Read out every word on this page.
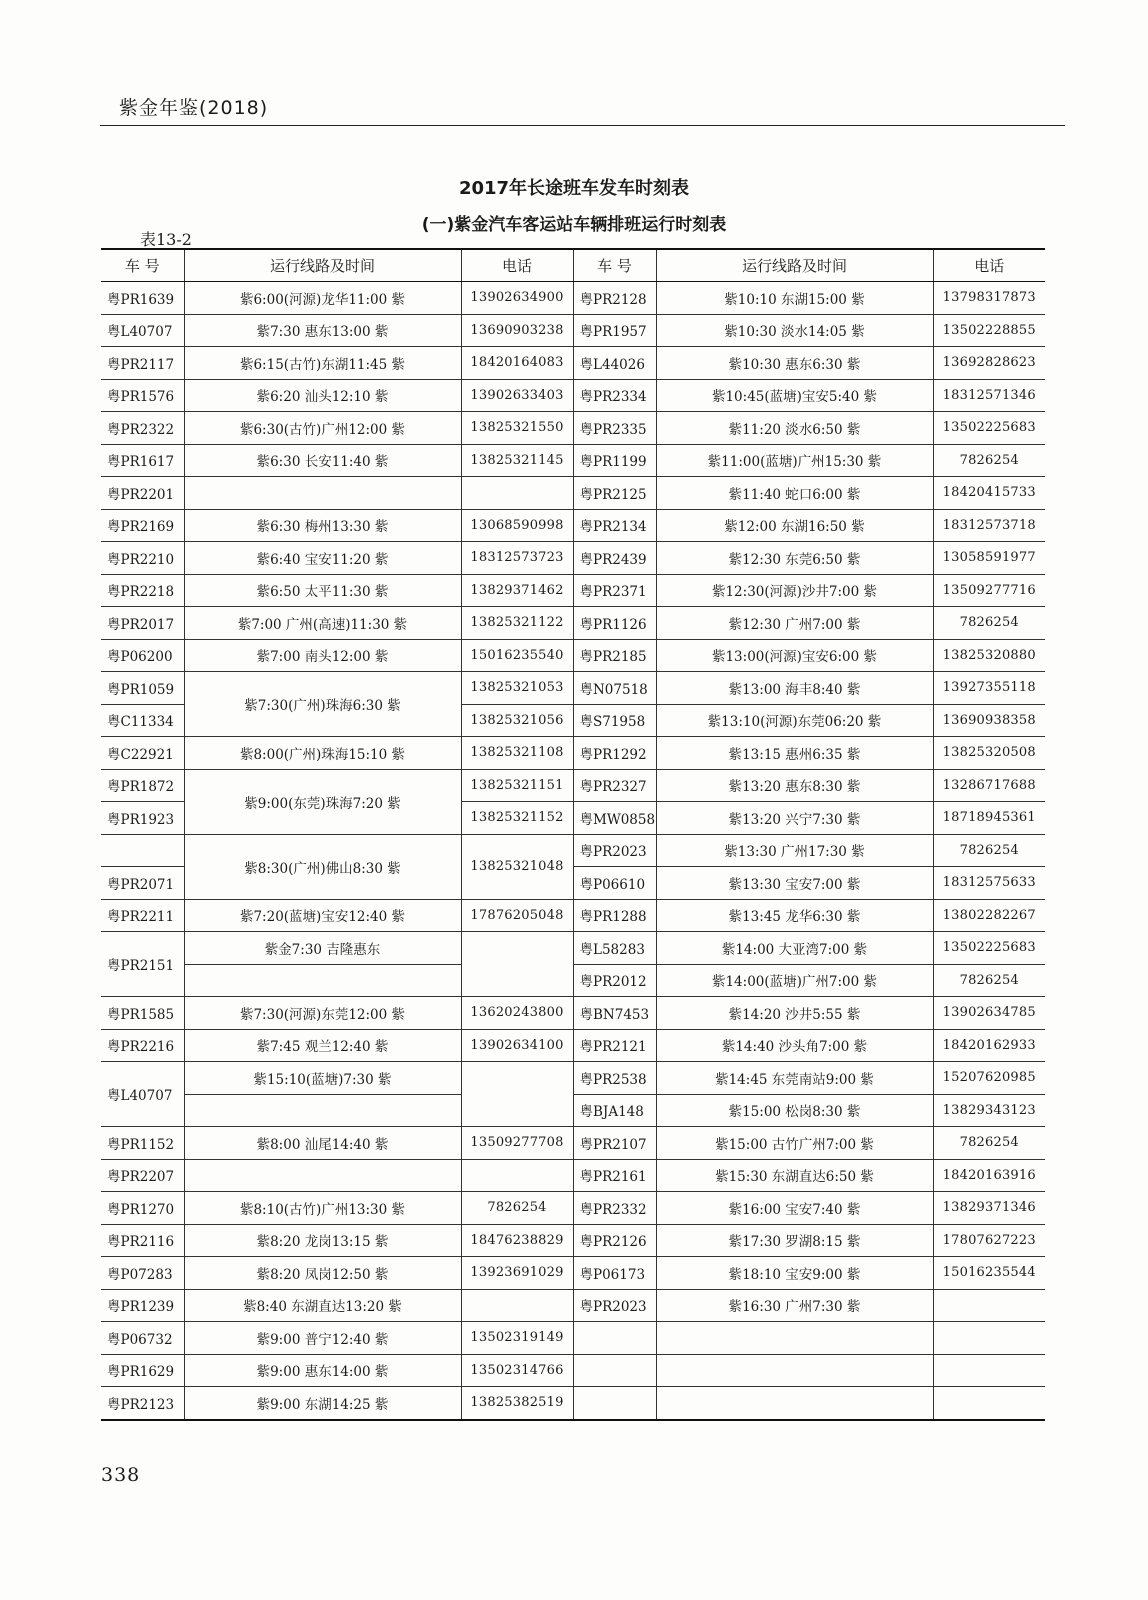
紫金年鉴(2018)
2017年长途班车发车时刻表
(一)紫金汽车客运站车辆排班运行时刻表
表13-2
车 号	运行线路及时间	电话	车 号	运行线路及时间	电话
粤PR1639	紫6:00(河源)龙华11:00 紫	13902634900	粤PR2128	紫10:10 东湖15:00 紫	13798317873
粤L40707	紫7:30 惠东13:00 紫	13690903238	粤PR1957	紫10:30 淡水14:05 紫	13502228855
粤PR2117	紫6:15(古竹)东湖11:45 紫	18420164083	粤L44026	紫10:30 惠东6:30 紫	13692828623
粤PR1576	紫6:20 汕头12:10 紫	13902633403	粤PR2334	紫10:45(蓝塘)宝安5:40 紫	18312571346
粤PR2322	紫6:30(古竹)广州12:00 紫	13825321550	粤PR2335	紫11:20 淡水6:50 紫	13502225683
粤PR1617	紫6:30 长安11:40 紫	13825321145	粤PR1199	紫11:00(蓝塘)广州15:30 紫	7826254
粤PR2201			粤PR2125	紫11:40 蛇口6:00 紫	18420415733
粤PR2169	紫6:30 梅州13:30 紫	13068590998	粤PR2134	紫12:00 东湖16:50 紫	18312573718
粤PR2210	紫6:40 宝安11:20 紫	18312573723	粤PR2439	紫12:30 东莞6:50 紫	13058591977
粤PR2218	紫6:50 太平11:30 紫	13829371462	粤PR2371	紫12:30(河源)沙井7:00 紫	13509277716
粤PR2017	紫7:00 广州(高速)11:30 紫	13825321122	粤PR1126	紫12:30 广州7:00 紫	7826254
粤P06200	紫7:00 南头12:00 紫	15016235540	粤PR2185	紫13:00(河源)宝安6:00 紫	13825320880
粤PR1059	紫7:30(广州)珠海6:30 紫	13825321053	粤N07518	紫13:00 海丰8:40 紫	13927355118
粤C11334		13825321056	粤S71958	紫13:10(河源)东莞06:20 紫	13690938358
粤C22921	紫8:00(广州)珠海15:10 紫	13825321108	粤PR1292	紫13:15 惠州6:35 紫	13825320508
粤PR1872	紫9:00(东莞)珠海7:20 紫	13825321151	粤PR2327	紫13:20 惠东8:30 紫	13286717688
粤PR1923		13825321152	粤MW0858	紫13:20 兴宁7:30 紫	18718945361
	紫8:30(广州)佛山8:30 紫	13825321048	粤PR2023	紫13:30 广州17:30 紫	7826254
粤PR2071			粤P06610	紫13:30 宝安7:00 紫	18312575633
粤PR2211	紫7:20(蓝塘)宝安12:40 紫	17876205048	粤PR1288	紫13:45 龙华6:30 紫	13802282267
粤PR2151	紫金7:30 吉隆惠东		粤L58283	紫14:00 大亚湾7:00 紫	13502225683
			粤PR2012	紫14:00(蓝塘)广州7:00 紫	7826254
粤PR1585	紫7:30(河源)东莞12:00 紫	13620243800	粤BN7453	紫14:20 沙井5:55 紫	13902634785
粤PR2216	紫7:45 观兰12:40 紫	13902634100	粤PR2121	紫14:40 沙头角7:00 紫	18420162933
粤L40707	紫15:10(蓝塘)7:30 紫		粤PR2538	紫14:45 东莞南站9:00 紫	15207620985
			粤BJA148	紫15:00 松岗8:30 紫	13829343123
粤PR1152	紫8:00 汕尾14:40 紫	13509277708	粤PR2107	紫15:00 古竹广州7:00 紫	7826254
粤PR2207			粤PR2161	紫15:30 东湖直达6:50 紫	18420163916
粤PR1270	紫8:10(古竹)广州13:30 紫	7826254	粤PR2332	紫16:00 宝安7:40 紫	13829371346
粤PR2116	紫8:20 龙岗13:15 紫	18476238829	粤PR2126	紫17:30 罗湖8:15 紫	17807627223
粤P07283	紫8:20 凤岗12:50 紫	13923691029	粤P06173	紫18:10 宝安9:00 紫	15016235544
粤PR1239	紫8:40 东湖直达13:20 紫		粤PR2023	紫16:30 广州7:30 紫	
粤P06732	紫9:00 普宁12:40 紫	13502319149			
粤PR1629	紫9:00 惠东14:00 紫	13502314766			
粤PR2123	紫9:00 东湖14:25 紫	13825382519			
338
